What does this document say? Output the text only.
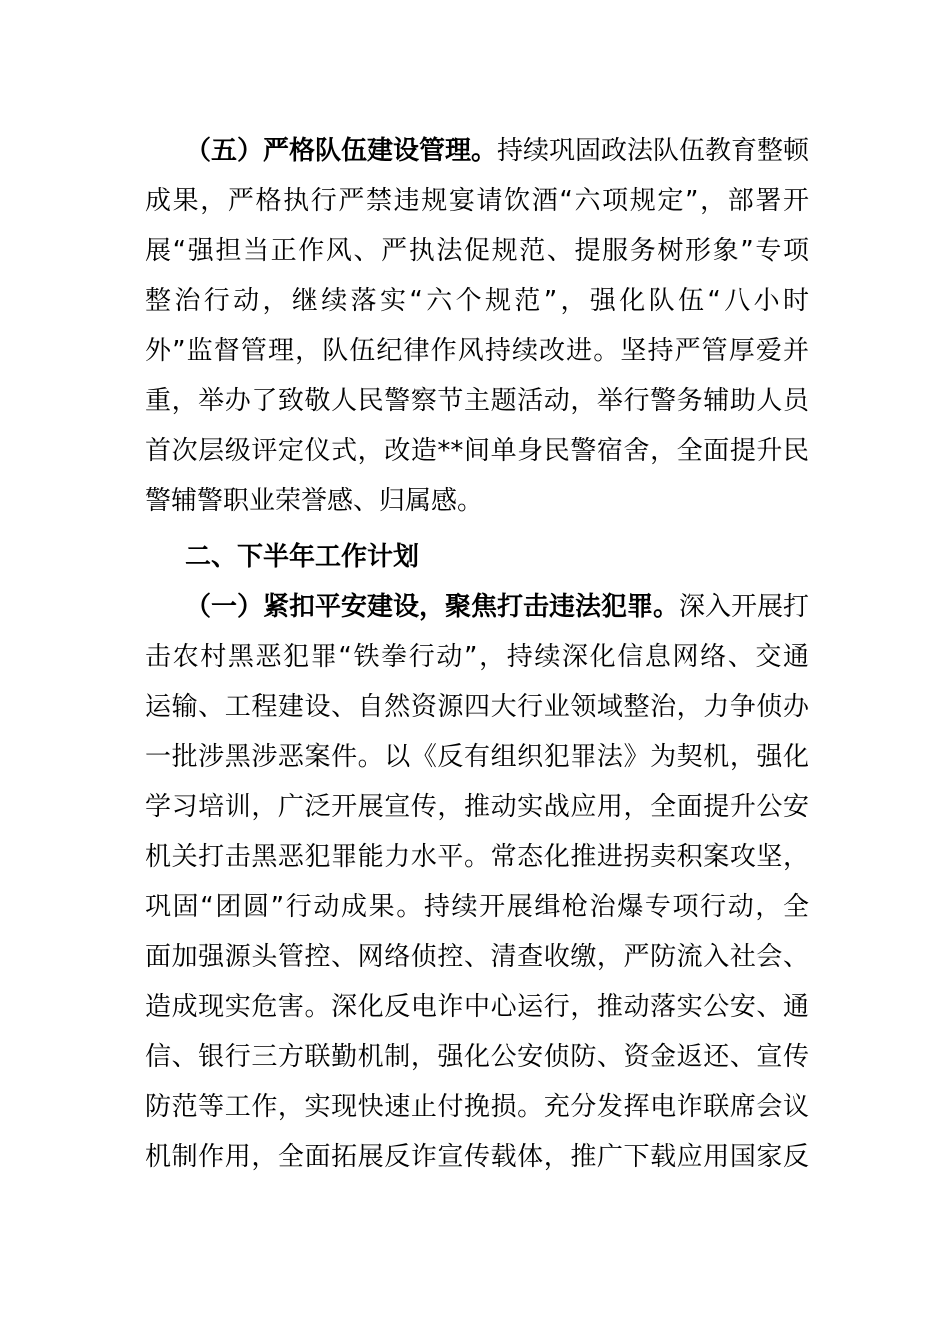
（五）严格队伍建设管理。持续巩固政法队伍教育整顿
成果，严格执行严禁违规宴请饮酒“六项规定”，部署开
展“强担当正作风、严执法促规范、提服务树形象”专项
整治行动，继续落实“六个规范”，强化队伍“八小时
外”监督管理，队伍纪律作风持续改进。坚持严管厚爱并
重，举办了致敬人民警察节主题活动，举行警务辅助人员
首次层级评定仪式，改造**间单身民警宿舍，全面提升民
警辅警职业荣誉感、归属感。
二、下半年工作计划
（一）紧扣平安建设，聚焦打击违法犯罪。深入开展打
击农村黑恶犯罪“铁拳行动”，持续深化信息网络、交通
运输、工程建设、自然资源四大行业领域整治，力争侦办
一批涉黑涉恶案件。以《反有组织犯罪法》为契机，强化
学习培训，广泛开展宣传，推动实战应用，全面提升公安
机关打击黑恶犯罪能力水平。常态化推进拐卖积案攻坚，
巩固“团圆”行动成果。持续开展缉枪治爆专项行动，全
面加强源头管控、网络侦控、清查收缴，严防流入社会、
造成现实危害。深化反电诈中心运行，推动落实公安、通
信、银行三方联勤机制，强化公安侦防、资金返还、宣传
防范等工作，实现快速止付挽损。充分发挥电诈联席会议
机制作用，全面拓展反诈宣传载体，推广下载应用国家反
